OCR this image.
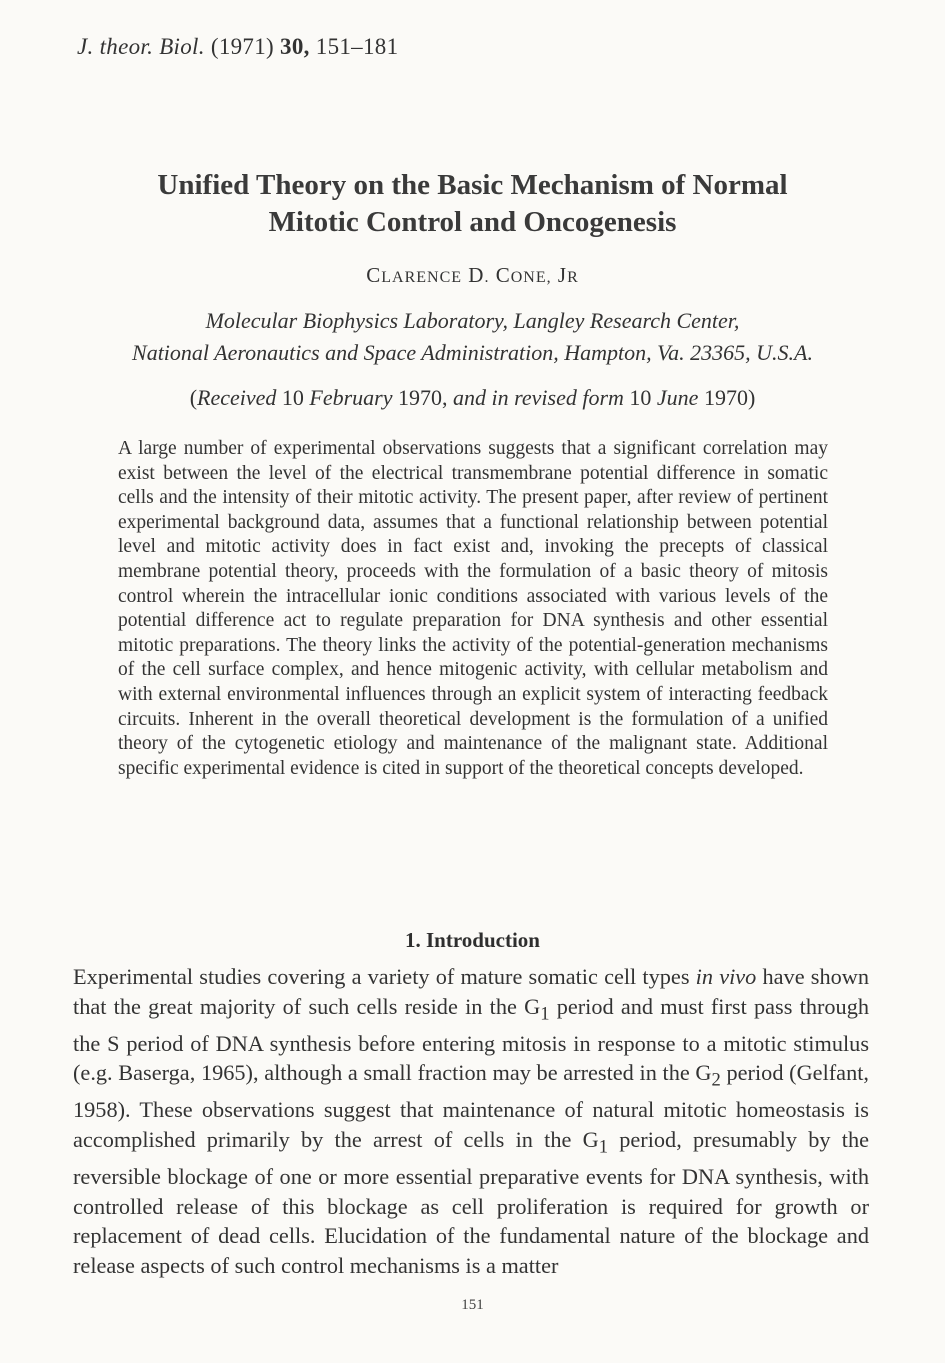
J. theor. Biol. (1971) 30, 151–181
Unified Theory on the Basic Mechanism of Normal
Mitotic Control and Oncogenesis
CLARENCE D. CONE, JR
Molecular Biophysics Laboratory, Langley Research Center,
National Aeronautics and Space Administration, Hampton, Va. 23365, U.S.A.
(Received 10 February 1970, and in revised form 10 June 1970)
A large number of experimental observations suggests that a significant correlation may exist between the level of the electrical transmembrane potential difference in somatic cells and the intensity of their mitotic activity. The present paper, after review of pertinent experimental background data, assumes that a functional relationship between potential level and mitotic activity does in fact exist and, invoking the precepts of classical membrane potential theory, proceeds with the formulation of a basic theory of mitosis control wherein the intracellular ionic conditions associated with various levels of the potential difference act to regulate preparation for DNA synthesis and other essential mitotic preparations. The theory links the activity of the potential-generation mechanisms of the cell surface complex, and hence mitogenic activity, with cellular metabolism and with external environmental influences through an explicit system of interacting feedback circuits. Inherent in the overall theoretical development is the formulation of a unified theory of the cytogenetic etiology and maintenance of the malignant state. Additional specific experimental evidence is cited in support of the theoretical concepts developed.
1. Introduction
Experimental studies covering a variety of mature somatic cell types in vivo have shown that the great majority of such cells reside in the $G_1$ period and must first pass through the S period of DNA synthesis before entering mitosis in response to a mitotic stimulus (e.g. Baserga, 1965), although a small fraction may be arrested in the $G_2$ period (Gelfant, 1958). These observations suggest that maintenance of natural mitotic homeostasis is accomplished primarily by the arrest of cells in the $G_1$ period, presumably by the reversible blockage of one or more essential preparative events for DNA synthesis, with controlled release of this blockage as cell proliferation is required for growth or replacement of dead cells. Elucidation of the fundamental nature of the blockage and release aspects of such control mechanisms is a matter
151
